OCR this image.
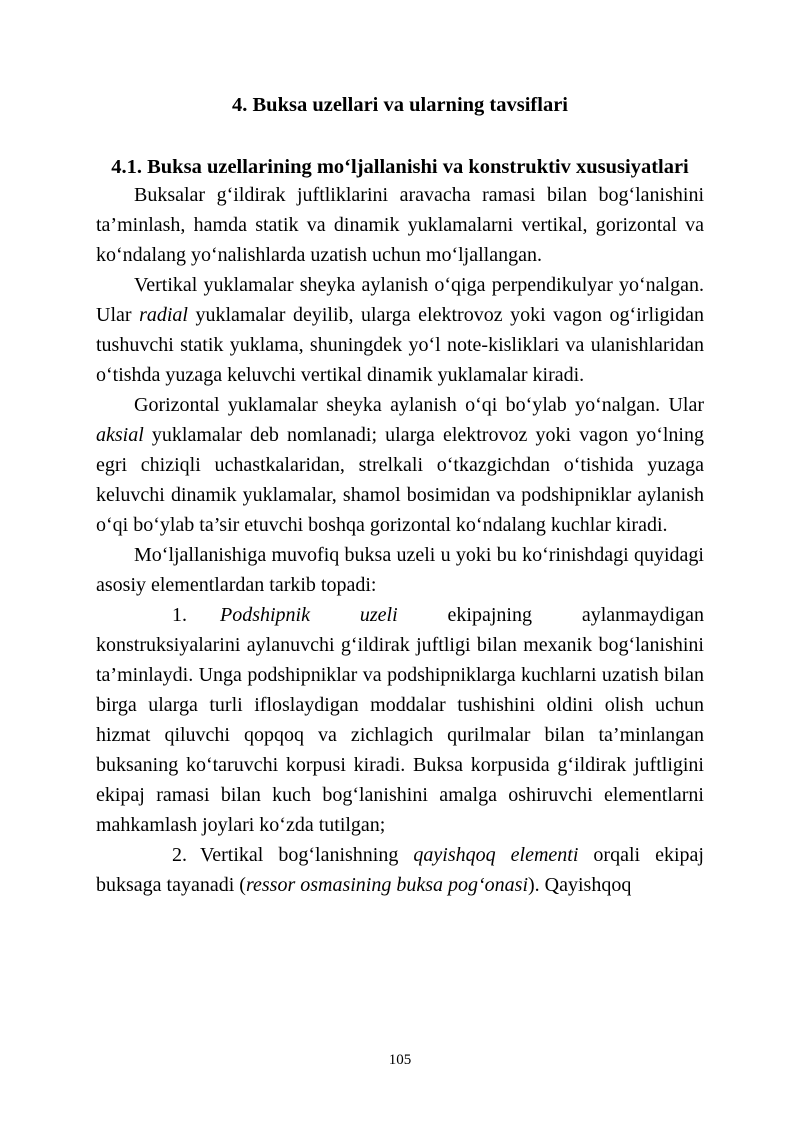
4. Buksa uzellari va ularning tavsiflari
4.1. Buksa uzellarining mo‘ljallanishi va konstruktiv xususiyatlari

Buksalar g‘ildirak juftliklarini aravacha ramasi bilan bog‘lanishini ta’minlash, hamda statik va dinamik yuklamalarni vertikal, gorizontal va ko‘ndalang yo‘nalishlarda uzatish uchun mo‘ljallangan.

Vertikal yuklamalar sheyka aylanish o‘qiga perpendikulyar yo‘nalgan. Ular radial yuklamalar deyilib, ularga elektrovoz yoki vagon og‘irligidan tushuvchi statik yuklama, shuningdek yo‘l note-kisliklari va ulanishlaridan o‘tishda yuzaga keluvchi vertikal dinamik yuklamalar kiradi.

Gorizontal yuklamalar sheyka aylanish o‘qi bo‘ylab yo‘nalgan. Ular aksial yuklamalar deb nomlanadi; ularga elektrovoz yoki vagon yo‘lning egri chiziqli uchastkalaridan, strelkali o‘tkazgichdan o‘tishida yuzaga keluvchi dinamik yuklamalar, shamol bosimidan va podshipniklar aylanish o‘qi bo‘ylab ta’sir etuvchi boshqa gorizontal ko‘ndalang kuchlar kiradi.

Mo‘ljallanishiga muvofiq buksa uzeli u yoki bu ko‘rinishdagi quyidagi asosiy elementlardan tarkib topadi:

1. Podshipnik uzeli ekipajning aylanmaydigan konstruksiyalarini aylanuvchi g‘ildirak juftligi bilan mexanik bog‘lanishini ta’minlaydi. Unga podshipniklar va podshipniklarga kuchlarni uzatish bilan birga ularga turli ifloslaydigan moddalar tushishini oldini olish uchun hizmat qiluvchi qopqoq va zichlagich qurilmalar bilan ta’minlangan buksaning ko‘taruvchi korpusi kiradi. Buksa korpusida g‘ildirak juftligini ekipaj ramasi bilan kuch bog‘lanishini amalga oshiruvchi elementlarni mahkamlash joylari ko‘zda tutilgan;

2. Vertikal bog‘lanishning qayishqoq elementi orqali ekipaj buksaga tayanadi (ressor osmasining buksa pog‘onasi). Qayishqoq

105
